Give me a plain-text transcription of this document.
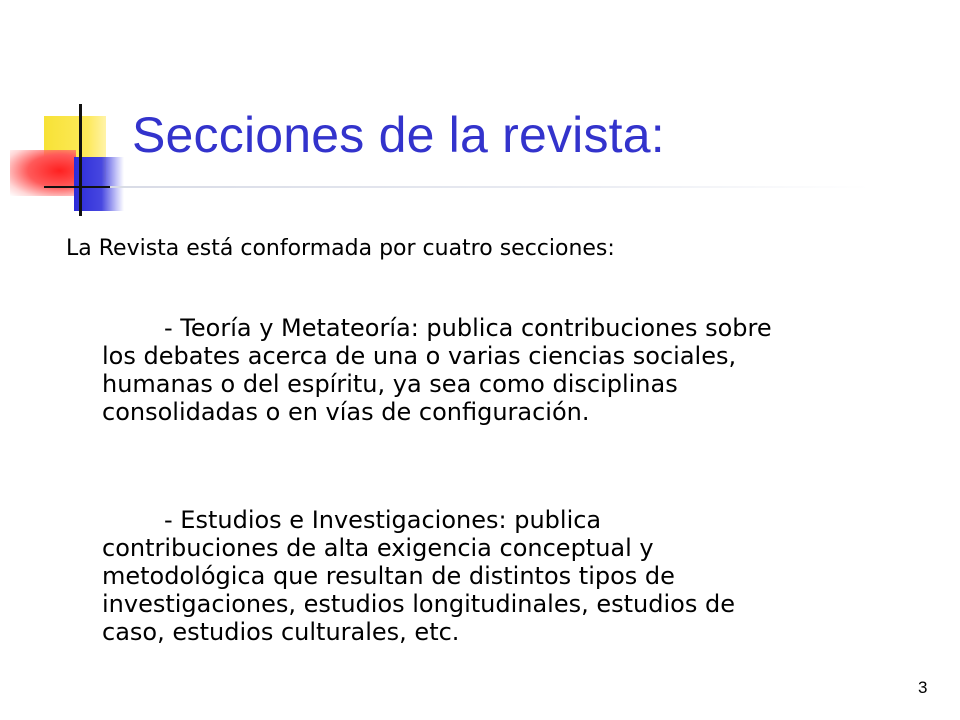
Secciones de la revista:

La Revista está conformada por cuatro secciones:

- Teoría y Metateoría: publica contribuciones sobre
los debates acerca de una o varias ciencias sociales,
humanas o del espíritu, ya sea como disciplinas
consolidadas o en vías de configuración.

- Estudios e Investigaciones: publica
contribuciones de alta exigencia conceptual y
metodológica que resultan de distintos tipos de
investigaciones, estudios longitudinales, estudios de
caso, estudios culturales, etc.

3
